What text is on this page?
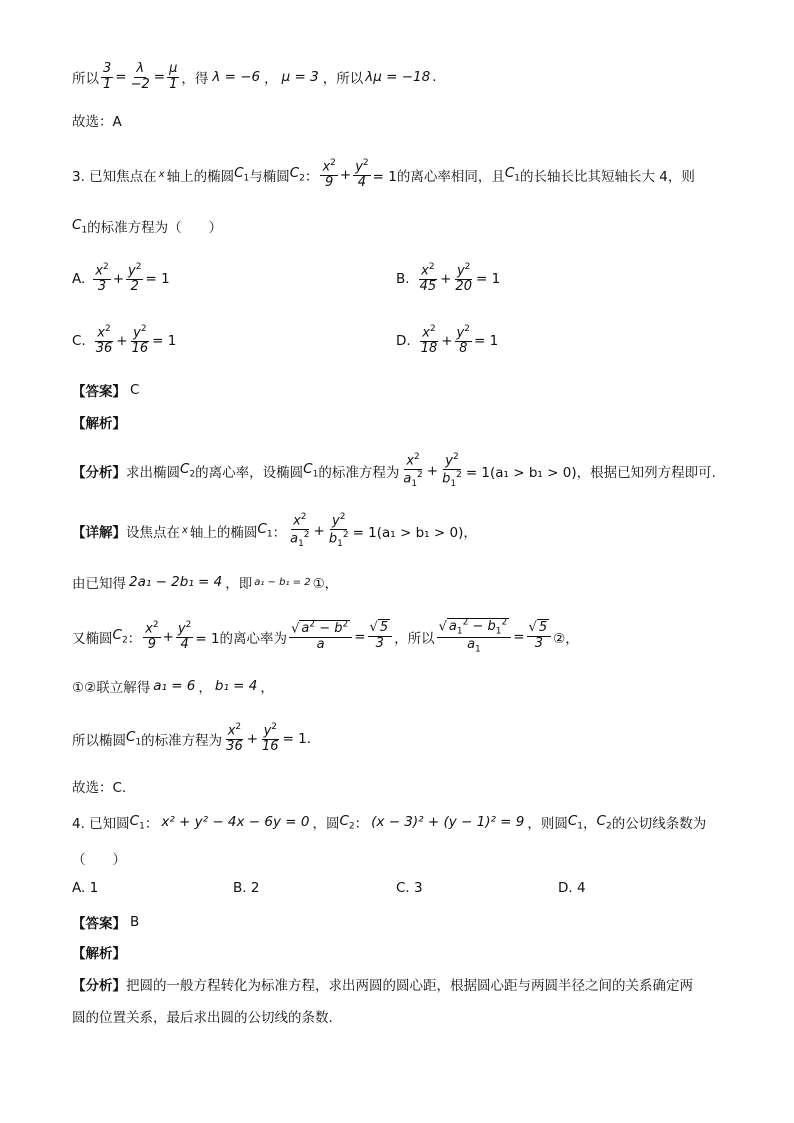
所以 $\frac{3}{1} = \frac{\lambda}{-2} = \frac{\mu}{1}$ ，得 λ = −6 ， μ = 3 ，所以 λμ = −18 .
故选：A
3. 已知焦点在 x 轴上的椭圆 $C_1$ 与椭圆 $C_2$ ： $\frac{x^2}{9} + \frac{y^2}{4} = 1$的离心率相同，且 $C_1$ 的长轴长比其短轴长大 4，则
$C_1$ 的标准方程为（　　）
A. $\frac{x^2}{3} + \frac{y^2}{2} = 1$	B. $\frac{x^2}{45} + \frac{y^2}{20} = 1$
C. $\frac{x^2}{36} + \frac{y^2}{16} = 1$	D. $\frac{x^2}{18} + \frac{y^2}{8} = 1$
【答案】 C
【解析】
【分析】 求出椭圆 $C_2$ 的离心率，设椭圆 $C_1$ 的标准方程为 $\frac{x^2}{a_1^2} + \frac{y^2}{b_1^2} = 1(a_1 > b_1 > 0)$，根据已知列方程即可.
【详解】 设焦点在 x 轴上的椭圆 $C_1$ ： $\frac{x^2}{a_1^2} + \frac{y^2}{b_1^2} = 1(a_1 > b_1 > 0)$，
由已知得 2a₁ − 2b₁ = 4 ，即 a₁ − b₁ = 2 ①，
又椭圆 $C_2$ ： $\frac{x^2}{9} + \frac{y^2}{4} = 1$的离心率为 $\frac{√ a^2 - b^2}{a} = \frac{√ 5}{3}$ ，所以 $\frac{√ a_1^2 - b_1^2}{a_1} = \frac{√ 5}{3}$ ②，
①②联立解得 a₁ = 6 ， b₁ = 4 ，
所以椭圆 $C_1$ 的标准方程为 $\frac{x^2}{36} + \frac{y^2}{16} = 1$.
故选：C.
4. 已知圆 $C_1$ ： x² + y² − 4x − 6y = 0 ，圆 $C_2$ ： (x − 3)² + (y − 1)² = 9 ，则圆 $C_1$ ， $C_2$ 的公切线条数为
（　　）
A. 1	B. 2	C. 3	D. 4
【答案】 B
【解析】
【分析】 把圆的一般方程转化为标准方程，求出两圆的圆心距，根据圆心距与两圆半径之间的关系确定两
圆的位置关系，最后求出圆的公切线的条数.
